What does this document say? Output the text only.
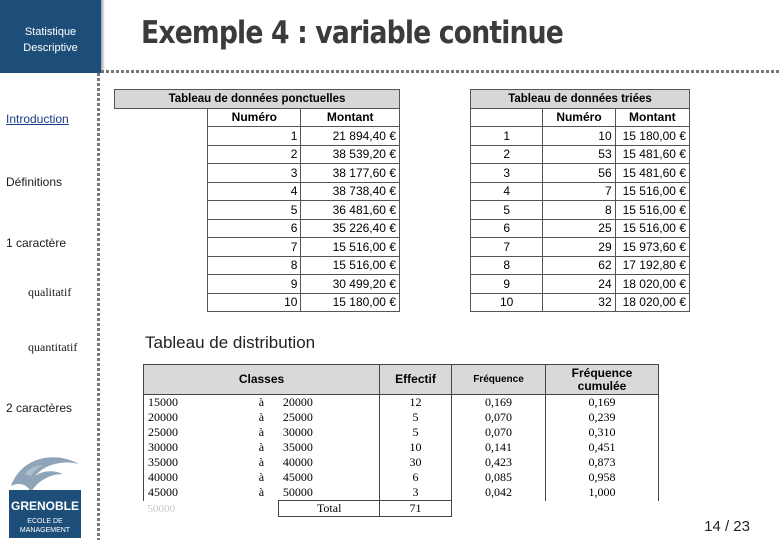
Statistique
Descriptive
Introduction
Définitions
1 caractère
qualitatif
quantitatif
2 caractères
Exemple 4 : variable continue
Tableau de données ponctuelles		
	Numéro	Montant
	1	21 894,40 €
	2	38 539,20 €
	3	38 177,60 €
	4	38 738,40 €
	5	36 481,60 €
	6	35 226,40 €
	7	15 516,00 €
	8	15 516,00 €
	9	30 499,20 €
	10	15 180,00 €
Tableau de données triées		
	Numéro	Montant
1	10	15 180,00 €
2	53	15 481,60 €
3	56	15 481,60 €
4	7	15 516,00 €
5	8	15 516,00 €
6	25	15 516,00 €
7	29	15 973,60 €
8	62	17 192,80 €
9	24	18 020,00 €
10	32	18 020,00 €
Tableau de distribution
Classes			Effectif	Fréquence	Fréquence cumulée
15000	à	20000	12	0,169	0,169
20000	à	25000	5	0,070	0,239
25000	à	30000	5	0,070	0,310
30000	à	35000	10	0,141	0,451
35000	à	40000	30	0,423	0,873
40000	à	45000	6	0,085	0,958
45000	à	50000	3	0,042	1,000
50000		Total	71		
GRENOBLE
ECOLE DE
MANAGEMENT	14 / 23
